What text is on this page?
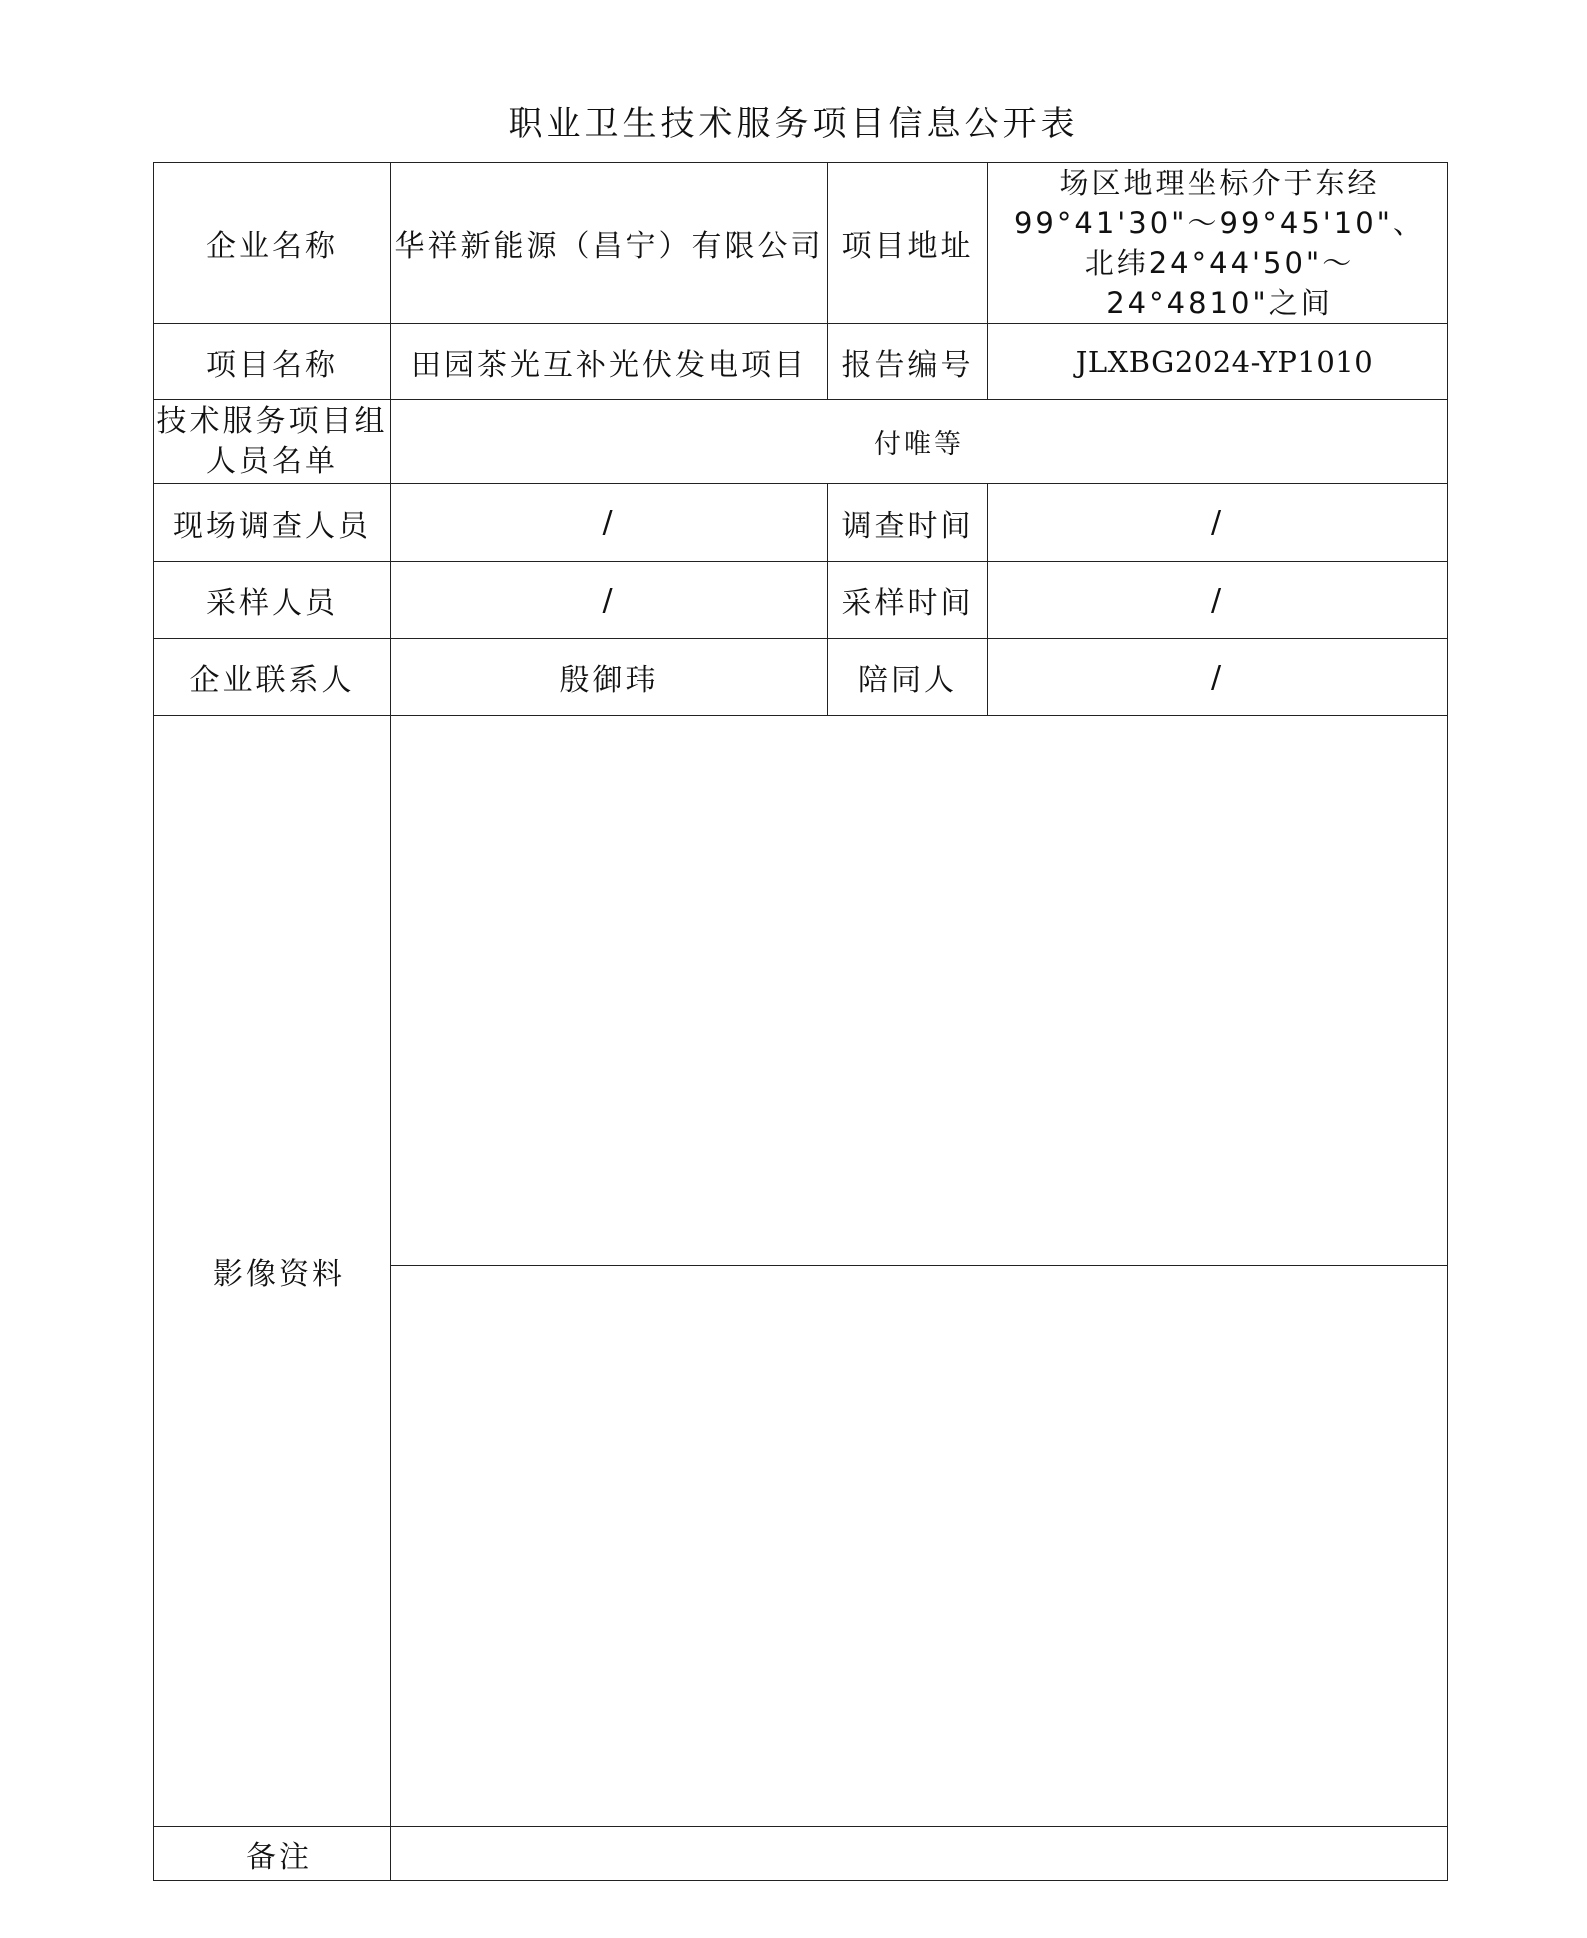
职业卫生技术服务项目信息公开表
企业名称	华祥新能源（昌宁）有限公司	项目地址	场区地理坐标介于东经99°41'30"～99°45'10"、北纬24°44'50"～24°4810"之间
项目名称	田园茶光互补光伏发电项目	报告编号	JLXBG2024-YP1010
技术服务项目组人员名单	付唯等		
现场调查人员	/	调查时间	/
采样人员	/	采样时间	/
企业联系人	殷御玮	陪同人	/
影像资料			

备注			
